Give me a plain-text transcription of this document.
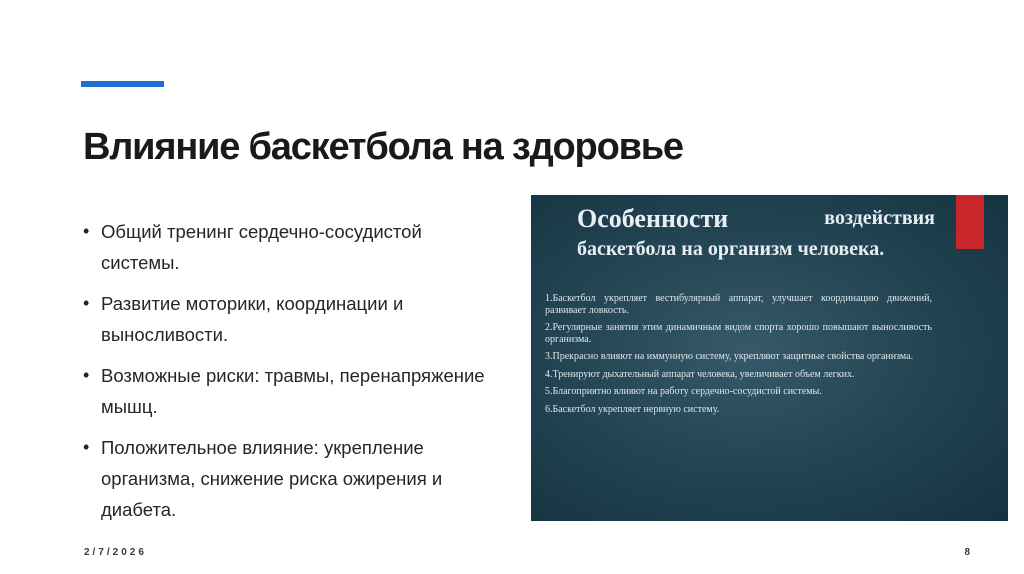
Влияние баскетбола на здоровье
• Общий тренинг сердечно-сосудистой системы.
• Развитие моторики, координации и выносливости.
• Возможные риски: травмы, перенапряжение мышц.
• Положительное влияние: укрепление организма, снижение риска ожирения и диабета.
Особенности	воздействия
баскетбола на организм человека.
1.Баскетбол укрепляет вестибулярный аппарат, улучшает координацию движений, развивает ловкость.
2.Регулярные занятия этим динамичным видом спорта хорошо повышают выносливость организма.
3.Прекрасно влияют на иммунную систему, укрепляют защитные свойства организма.
4.Тренируют дыхательный аппарат человека, увеличивает объем легких.
5.Благоприятно влияют на работу сердечно-сосудистой системы.
6.Баскетбол укрепляет нервную систему.
2/7/2026	8
